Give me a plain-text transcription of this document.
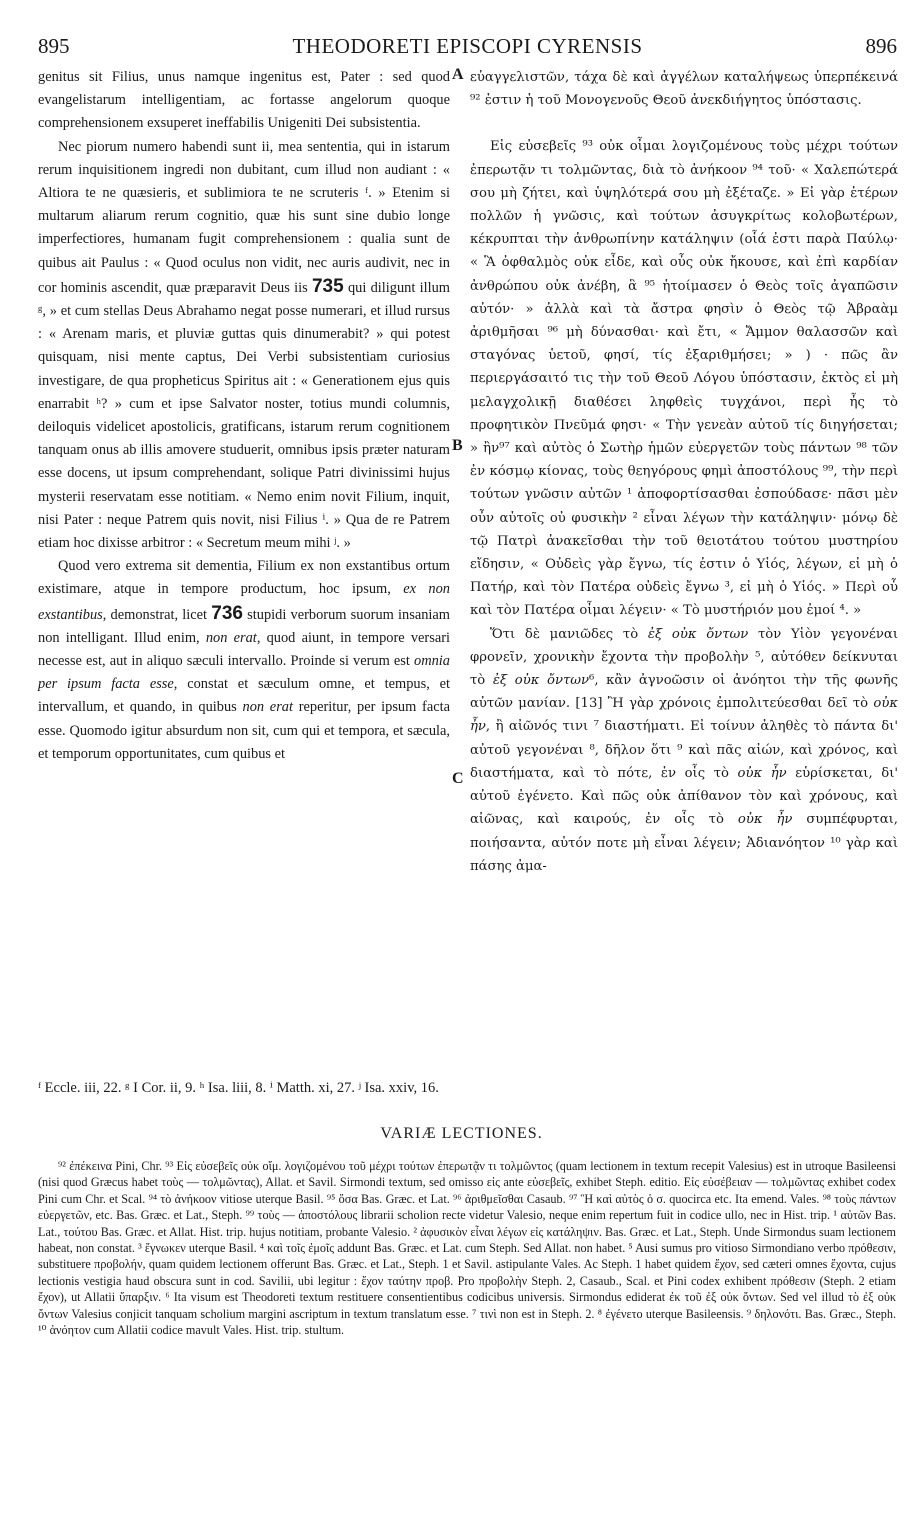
895	THEODORETI EPISCOPI CYRENSIS	896
A
B
C

genitus sit Filius, unus namque ingenitus est, Pater : sed quod evangelistarum intelligentiam, ac fortasse angelorum quoque comprehensionem exsuperet ineffabilis Unigeniti Dei subsistentia.

Nec piorum numero habendi sunt ii, mea sententia, qui in istarum rerum inquisitionem ingredi non dubitant, cum illud non audiant : « Altiora te ne quæsieris, et sublimiora te ne scruteris ᶠ. » Etenim si multarum aliarum rerum cognitio, quæ his sunt sine dubio longe imperfectiores, humanam fugit comprehensionem : qualia sunt de quibus ait Paulus : « Quod oculus non vidit, nec auris audivit, nec in cor hominis ascendit, quæ præparavit Deus iis 735 qui diligunt illum ᵍ, » et cum stellas Deus Abrahamo negat posse numerari, et illud rursus : « Arenam maris, et pluviæ guttas quis dinumerabit? » qui potest quisquam, nisi mente captus, Dei Verbi subsistentiam curiosius investigare, de qua propheticus Spiritus ait : « Generationem ejus quis enarrabit ʰ? » cum et ipse Salvator noster, totius mundi columnis, deiloquis videlicet apostolicis, gratificans, istarum rerum cognitionem tanquam onus ab illis amovere studuerit, omnibus ipsis præter naturam esse docens, ut ipsum comprehendant, solique Patri divinissimi hujus mysterii reservatam esse notitiam. « Nemo enim novit Filium, inquit, nisi Pater : neque Patrem quis novit, nisi Filius ⁱ. » Qua de re Patrem etiam hoc dixisse arbitror : « Secretum meum mihi ʲ. »

Quod vero extrema sit dementia, Filium ex non exstantibus ortum existimare, atque in tempore productum, hoc ipsum, ex non exstantibus, demonstrat, licet 736 stupidi verborum suorum insaniam non intelligant. Illud enim, non erat, quod aiunt, in tempore versari necesse est, aut in aliquo sæculi intervallo. Proinde si verum est omnia per ipsum facta esse, constat et sæculum omne, et tempus, et intervallum, et quando, in quibus non erat reperitur, per ipsum facta esse. Quomodo igitur absurdum non sit, cum qui et tempora, et sæcula, et temporum opportunitates, cum quibus et

εὐαγγελιστῶν, τάχα δὲ καὶ ἀγγέλων καταλήψεως ὑπερπέκεινά ⁹² ἐστιν ἡ τοῦ Μονογενοῦς Θεοῦ ἀνεκδιήγητος ὑπόστασις.

Εἰς εὐσεβεῖς ⁹³ οὐκ οἶμαι λογιζομένους τοὺς μέχρι τούτων ἐπερωτᾷν τι τολμῶντας, διὰ τὸ ἀνήκοον ⁹⁴ τοῦ· « Χαλεπώτερά σου μὴ ζήτει, καὶ ὑψηλότερά σου μὴ ἐξέταζε. » Εἰ γὰρ ἑτέρων πολλῶν ἡ γνῶσις, καὶ τούτων ἀσυγκρίτως κολοβωτέρων, κέκρυπται τὴν ἀνθρωπίνην κατάληψιν (οἷά ἐστι παρὰ Παύλῳ· « Ἃ ὀφθαλμὸς οὐκ εἶδε, καὶ οὖς οὐκ ἤκουσε, καὶ ἐπὶ καρδίαν ἀνθρώπου οὐκ ἀνέβη, ἃ ⁹⁵ ἡτοίμασεν ὁ Θεὸς τοῖς ἀγαπῶσιν αὐτόν· » ἀλλὰ καὶ τὰ ἄστρα φησὶν ὁ Θεὸς τῷ Ἀβραὰμ ἀριθμῆσαι ⁹⁶ μὴ δύνασθαι· καὶ ἔτι, « Ἄμμον θαλασσῶν καὶ σταγόνας ὑετοῦ, φησί, τίς ἐξαριθμήσει; » ) · πῶς ἂν περιεργάσαιτό τις τὴν τοῦ Θεοῦ Λόγου ὑπόστασιν, ἐκτὸς εἰ μὴ μελαγχολικῇ διαθέσει ληφθεὶς τυγχάνοι, περὶ ἧς τὸ προφητικὸν Πνεῦμά φησι· « Τὴν γενεὰν αὐτοῦ τίς διηγήσεται; » ἢν⁹⁷ καὶ αὐτὸς ὁ Σωτὴρ ἡμῶν εὐεργετῶν τοὺς πάντων ⁹⁸ τῶν ἐν κόσμῳ κίονας, τοὺς θεηγόρους φημὶ ἀποστόλους ⁹⁹, τὴν περὶ τούτων γνῶσιν αὐτῶν ¹ ἀποφορτίσασθαι ἐσπούδασε· πᾶσι μὲν οὖν αὐτοῖς οὐ φυσικὴν ² εἶναι λέγων τὴν κατάληψιν· μόνῳ δὲ τῷ Πατρὶ ἀνακεῖσθαι τὴν τοῦ θειοτάτου τούτου μυστηρίου εἴδησιν, « Οὐδεὶς γὰρ ἔγνω, τίς ἐστιν ὁ Υἱός, λέγων, εἰ μὴ ὁ Πατήρ, καὶ τὸν Πατέρα οὐδεὶς ἔγνω ³, εἰ μὴ ὁ Υἱός. » Περὶ οὗ καὶ τὸν Πατέρα οἶμαι λέγειν· « Τὸ μυστήριόν μου ἐμοί ⁴. »

Ὅτι δὲ μανιῶδες τὸ ἐξ οὐκ ὄντων τὸν Υἱὸν γεγονέναι φρονεῖν, χρονικὴν ἔχοντα τὴν προβολὴν ⁵, αὐτόθεν δείκνυται τὸ ἐξ οὐκ ὄντων⁶, κἂν ἀγνοῶσιν οἱ ἀνόητοι τὴν τῆς φωνῆς αὐτῶν μανίαν. [13] Ἢ γὰρ χρόνοις ἐμπολιτεύεσθαι δεῖ τὸ οὐκ ἦν, ἢ αἰῶνός τινι ⁷ διαστήματι. Εἰ τοίνυν ἀληθὲς τὸ πάντα δι' αὐτοῦ γεγονέναι ⁸, δῆλον ὅτι ⁹ καὶ πᾶς αἰών, καὶ χρόνος, καὶ διαστήματα, καὶ τὸ πότε, ἐν οἷς τὸ οὐκ ἦν εὑρίσκεται, δι' αὐτοῦ ἐγένετο. Καὶ πῶς οὐκ ἀπίθανον τὸν καὶ χρόνους, καὶ αἰῶνας, καὶ καιρούς, ἐν οἷς τὸ οὐκ ἦν συμπέφυρται, ποιήσαντα, αὐτόν ποτε μὴ εἶναι λέγειν; Ἀδιανόητον ¹⁰ γὰρ καὶ πάσης ἀμα-

ᶠ Eccle. iii, 22. ᵍ I Cor. ii, 9. ʰ Isa. liii, 8. ⁱ Matth. xi, 27. ʲ Isa. xxiv, 16.
VARIÆ LECTIONES.

⁹² ἐπέκεινα Pini, Chr. ⁹³ Εἰς εὐσεβεῖς οὐκ οἴμ. λογιζομένου τοῦ μέχρι τούτων ἐπερωτᾷν τι τολμῶντος (quam lectionem in textum recepit Valesius) est in utroque Basileensi (nisi quod Græcus habet τοὺς — τολμῶντας), Allat. et Savil. Sirmondi textum, sed omisso εἰς ante εὐσεβεῖς, exhibet Steph. editio. Εἰς εὐσέβειαν — τολμῶντας exhibet codex Pini cum Chr. et Scal. ⁹⁴ τὸ ἀνήκοον vitiose uterque Basil. ⁹⁵ ὅσα Bas. Græc. et Lat. ⁹⁶ ἀριθμεῖσθαι Casaub. ⁹⁷ Ἣ καὶ αὐτὸς ὁ σ. quocirca etc. Ita emend. Vales. ⁹⁸ τοὺς πάντων εὐεργετῶν, etc. Bas. Græc. et Lat., Steph. ⁹⁹ τοὺς — ἀποστόλους librarii scholion recte videtur Valesio, neque enim repertum fuit in codice ullo, nec in Hist. trip. ¹ αὐτῶν Bas. Lat., τούτου Bas. Græc. et Allat. Hist. trip. hujus notitiam, probante Valesio. ² ἀφυσικὸν εἶναι λέγων εἰς κατάληψιν. Bas. Græc. et Lat., Steph. Unde Sirmondus suam lectionem habeat, non constat. ³ ἔγνωκεν uterque Basil. ⁴ καὶ τοῖς ἐμοῖς addunt Bas. Græc. et Lat. cum Steph. Sed Allat. non habet. ⁵ Ausi sumus pro vitioso Sirmondiano verbo πρόθεσιν, substituere προβολήν, quam quidem lectionem offerunt Bas. Græc. et Lat., Steph. 1 et Savil. astipulante Vales. Ac Steph. 1 habet quidem ἔχον, sed cæteri omnes ἔχοντα, cujus lectionis vestigia haud obscura sunt in cod. Savilii, ubi legitur : ἔχον ταύτην προβ. Pro προβολὴν Steph. 2, Casaub., Scal. et Pini codex exhibent πρόθεσιν (Steph. 2 etiam ἔχον), ut Allatii ὕπαρξιν. ⁶ Ita visum est Theodoreti textum restituere consentientibus codicibus universis. Sirmondus ediderat ἐκ τοῦ ἐξ οὐκ ὄντων. Sed vel illud τὸ ἐξ οὐκ ὄντων Valesius conjicit tanquam scholium margini ascriptum in textum translatum esse. ⁷ τινὶ non est in Steph. 2. ⁸ ἐγένετο uterque Basileensis. ⁹ δηλονότι. Bas. Græc., Steph. ¹⁰ ἀνόητον cum Allatii codice mavult Vales. Hist. trip. stultum.
